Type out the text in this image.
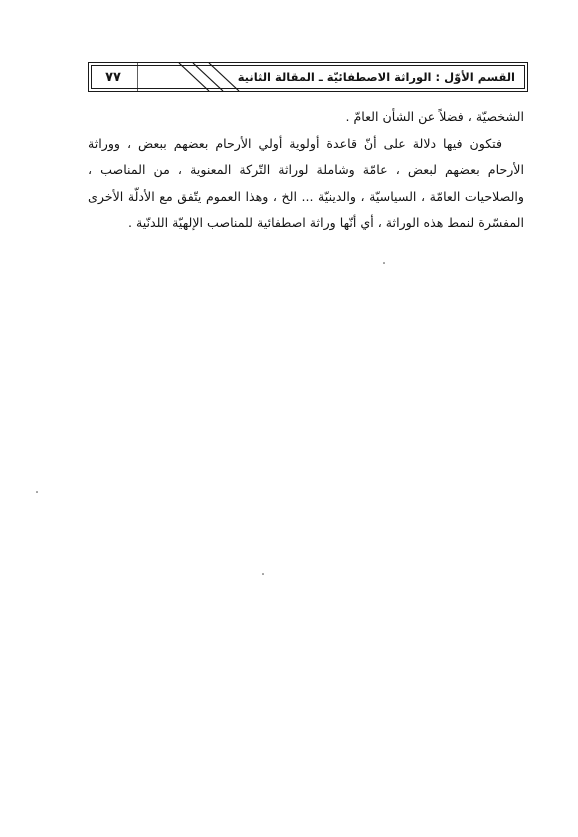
٧٧	القسم الأوّل : الوراثة الاصطفائيّة ـ المقالة الثانية

الشخصيّة ، فضلاً عن الشأن العامّ .

فتكون فيها دلالة على أنّ قاعدة أولوية أولي الأرحام بعضهم ببعض ، ووراثة الأرحام بعضهم لبعض ، عامّة وشاملة لوراثة التّركة المعنوية ، من المناصب ، والصلاحيات العامّة ، السياسيّة ، والدينيّة ... الخ ، وهذا العموم يتّفق مع الأدلّة الأخرى المفسّرة لنمط هذه الوراثة ، أي أنّها وراثة اصطفائية للمناصب الإلهيّة اللدنّية .
